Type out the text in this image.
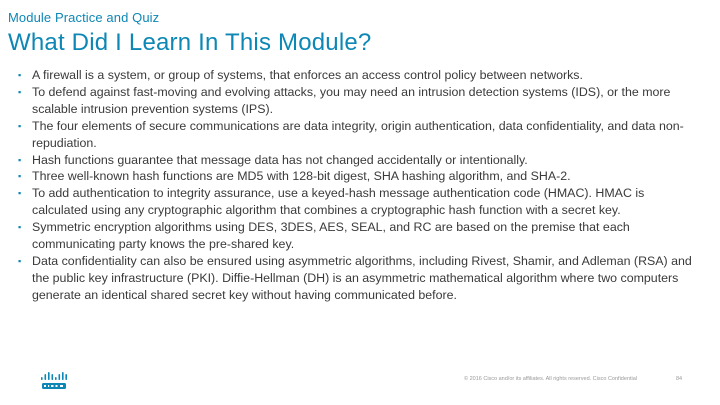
Module Practice and Quiz
What Did I Learn In This Module?
▪ A firewall is a system, or group of systems, that enforces an access control policy between networks.
▪ To defend against fast-moving and evolving attacks, you may need an intrusion detection systems (IDS), or the more scalable intrusion prevention systems (IPS).
▪ The four elements of secure communications are data integrity, origin authentication, data confidentiality, and data non-repudiation.
▪ Hash functions guarantee that message data has not changed accidentally or intentionally.
▪ Three well-known hash functions are MD5 with 128-bit digest, SHA hashing algorithm, and SHA-2.
▪ To add authentication to integrity assurance, use a keyed-hash message authentication code (HMAC). HMAC is calculated using any cryptographic algorithm that combines a cryptographic hash function with a secret key.
▪ Symmetric encryption algorithms using DES, 3DES, AES, SEAL, and RC are based on the premise that each communicating party knows the pre-shared key.
▪ Data confidentiality can also be ensured using asymmetric algorithms, including Rivest, Shamir, and Adleman (RSA) and the public key infrastructure (PKI). Diffie-Hellman (DH) is an asymmetric mathematical algorithm where two computers generate an identical shared secret key without having communicated before.
© 2016 Cisco and/or its affiliates. All rights reserved. Cisco Confidential	84
